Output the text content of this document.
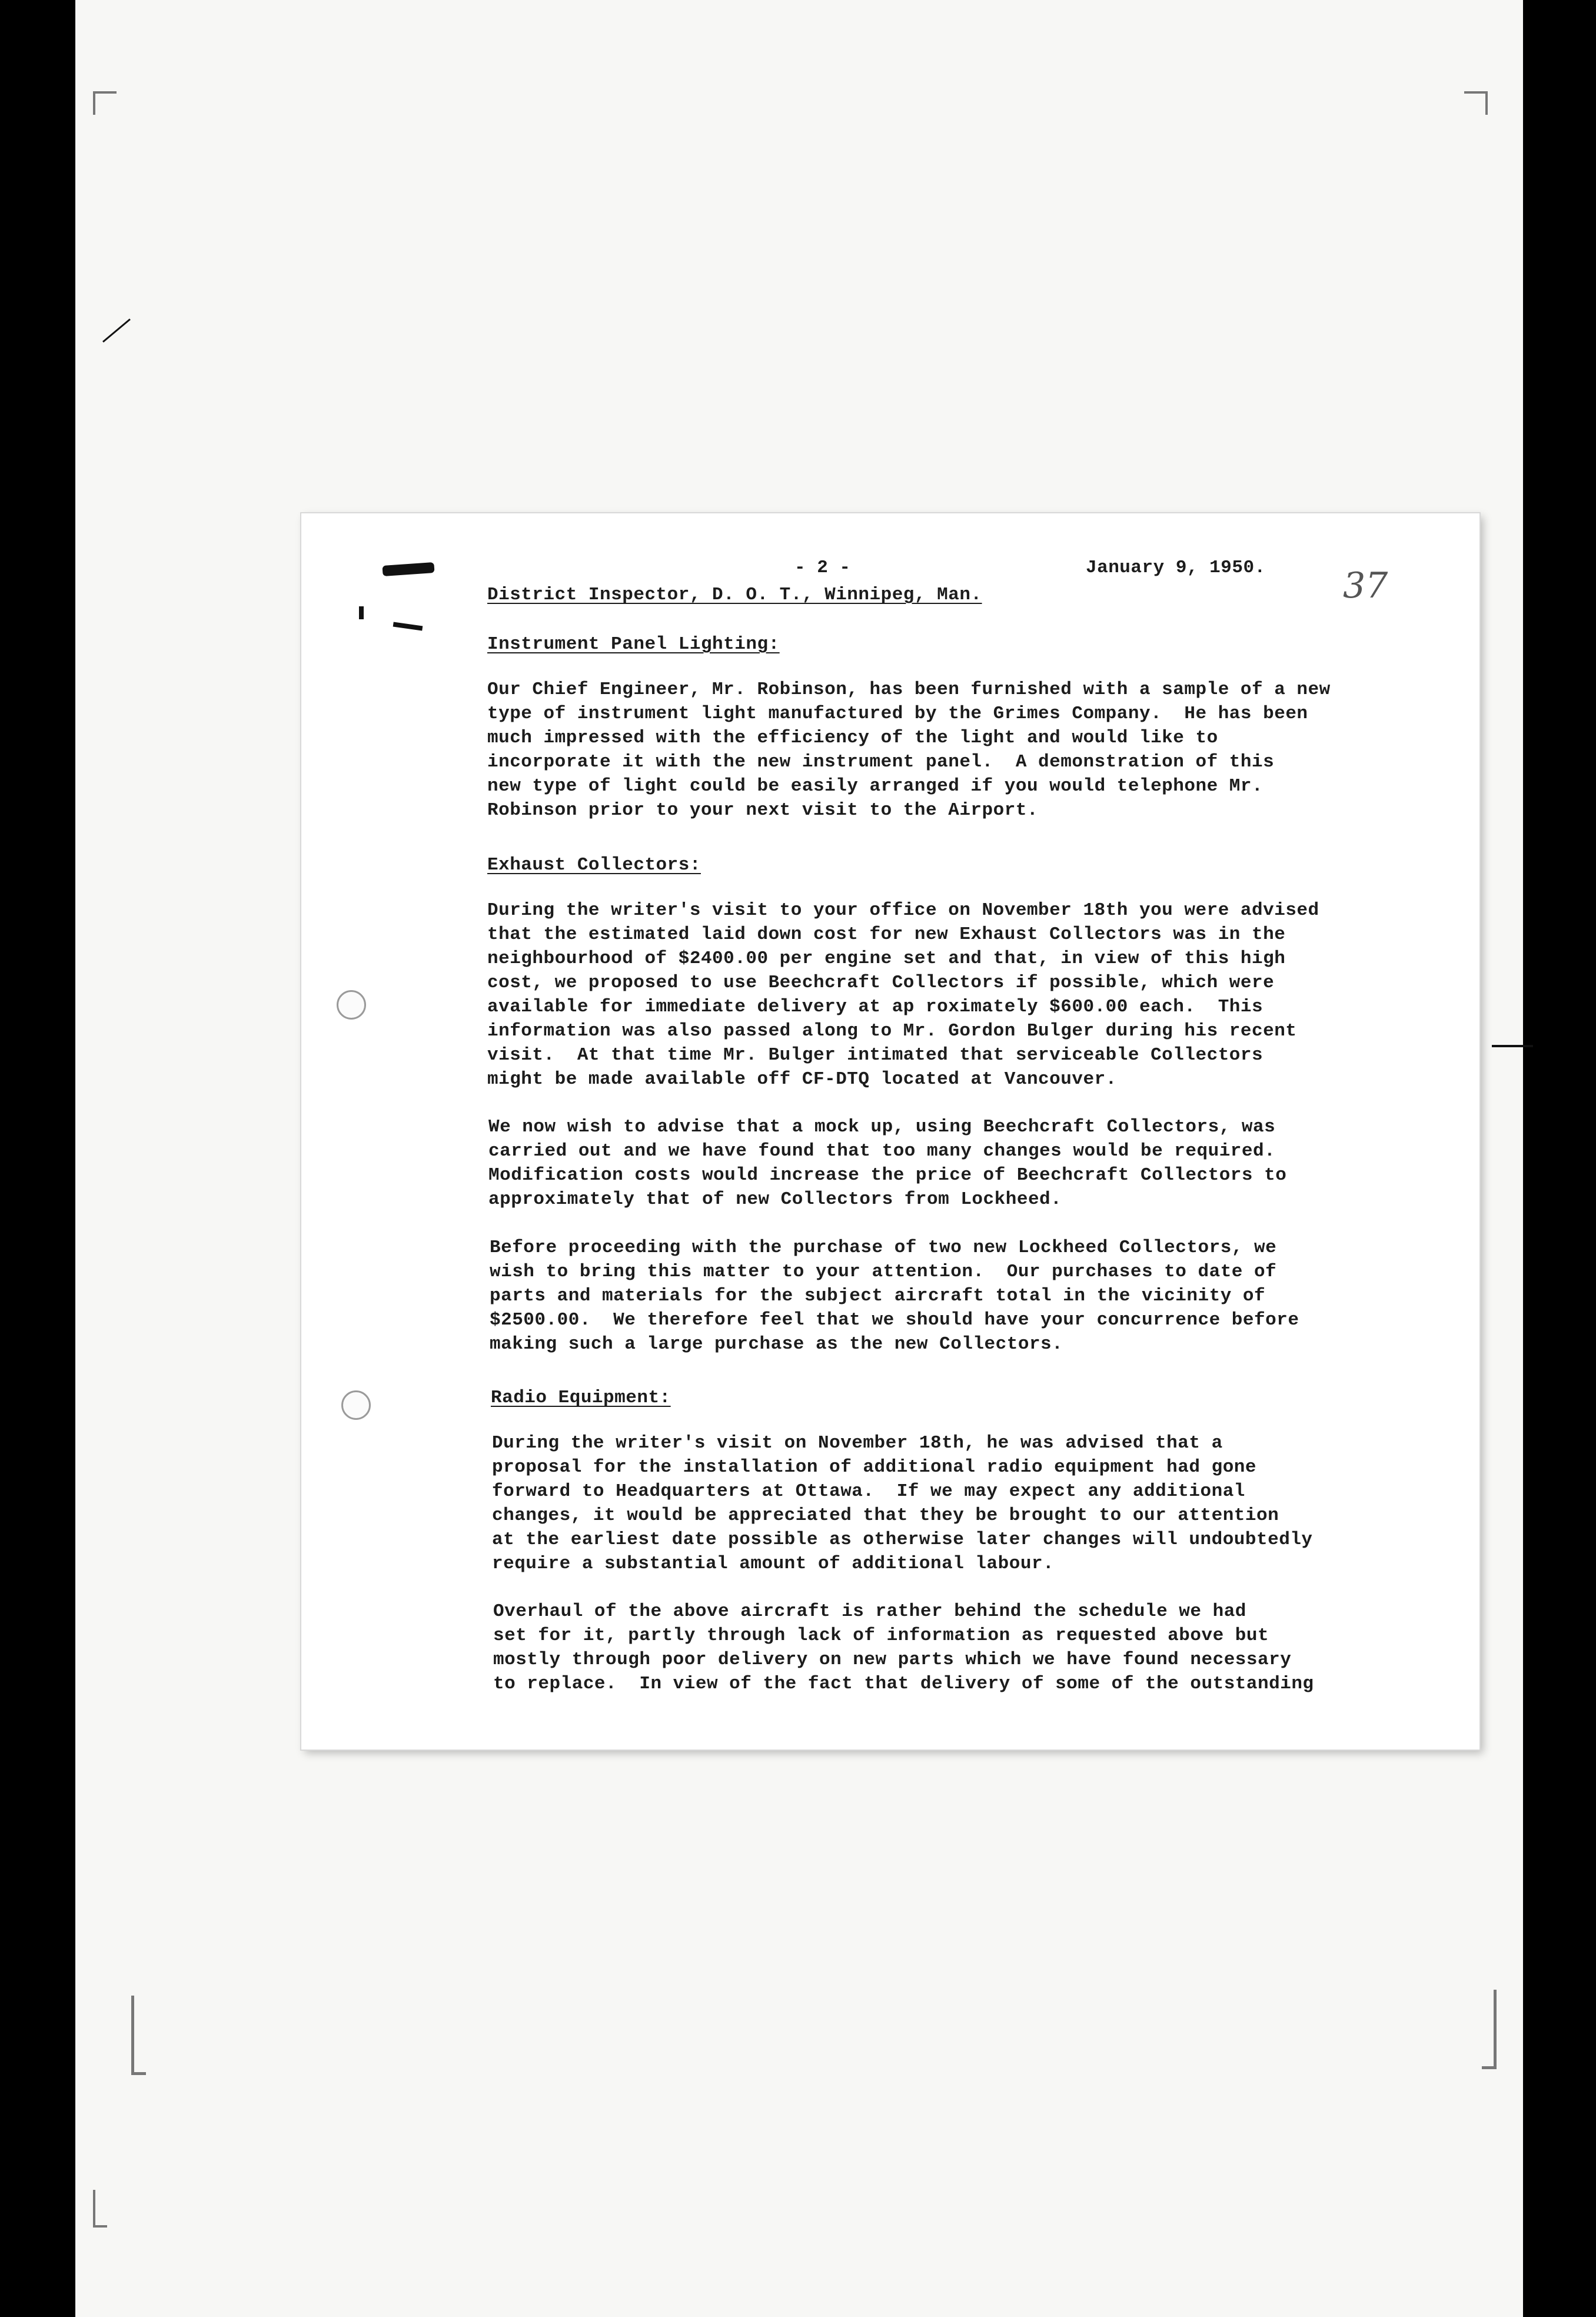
37
- 2 -	January 9, 1950.
District Inspector, D. O. T., Winnipeg, Man.
Instrument Panel Lighting:
Our Chief Engineer, Mr. Robinson, has been furnished with a sample of a new
type of instrument light manufactured by the Grimes Company.  He has been
much impressed with the efficiency of the light and would like to
incorporate it with the new instrument panel.  A demonstration of this
new type of light could be easily arranged if you would telephone Mr.
Robinson prior to your next visit to the Airport.
Exhaust Collectors:
During the writer's visit to your office on November 18th you were advised
that the estimated laid down cost for new Exhaust Collectors was in the
neighbourhood of $2400.00 per engine set and that, in view of this high
cost, we proposed to use Beechcraft Collectors if possible, which were
available for immediate delivery at ap roximately $600.00 each.  This
information was also passed along to Mr. Gordon Bulger during his recent
visit.  At that time Mr. Bulger intimated that serviceable Collectors
might be made available off CF-DTQ located at Vancouver.
We now wish to advise that a mock up, using Beechcraft Collectors, was
carried out and we have found that too many changes would be required.
Modification costs would increase the price of Beechcraft Collectors to
approximately that of new Collectors from Lockheed.
Before proceeding with the purchase of two new Lockheed Collectors, we
wish to bring this matter to your attention.  Our purchases to date of
parts and materials for the subject aircraft total in the vicinity of
$2500.00.  We therefore feel that we should have your concurrence before
making such a large purchase as the new Collectors.
Radio Equipment:
During the writer's visit on November 18th, he was advised that a
proposal for the installation of additional radio equipment had gone
forward to Headquarters at Ottawa.  If we may expect any additional
changes, it would be appreciated that they be brought to our attention
at the earliest date possible as otherwise later changes will undoubtedly
require a substantial amount of additional labour.
Overhaul of the above aircraft is rather behind the schedule we had
set for it, partly through lack of information as requested above but
mostly through poor delivery on new parts which we have found necessary
to replace.  In view of the fact that delivery of some of the outstanding
